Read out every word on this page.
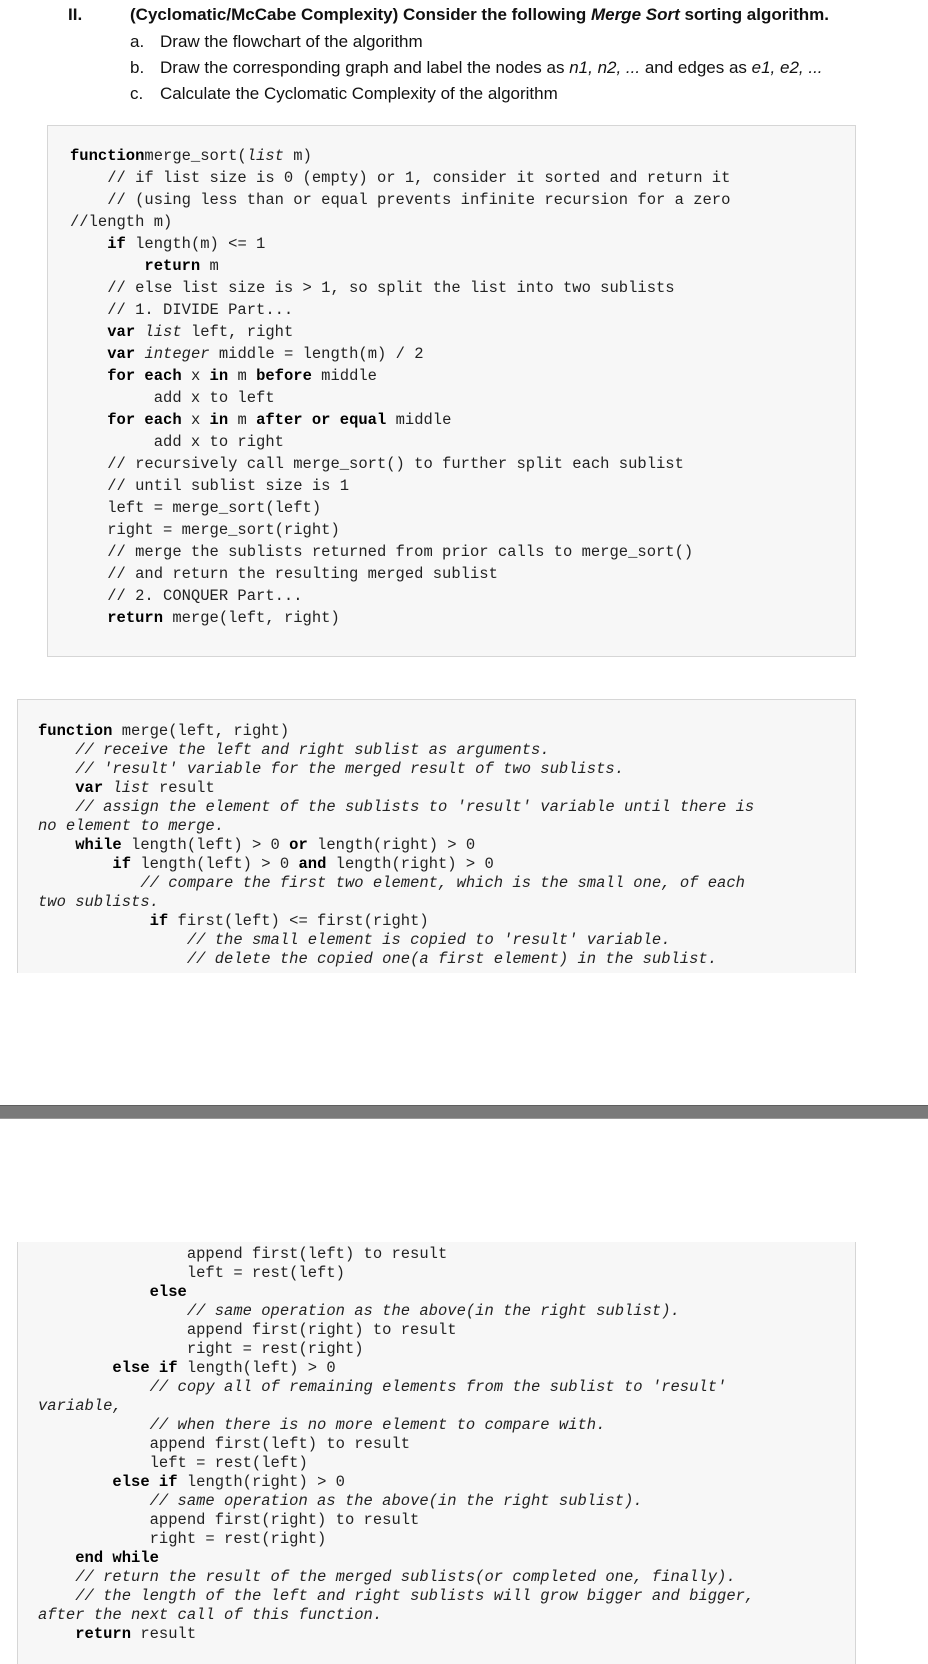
II.	(Cyclomatic/McCabe Complexity) Consider the following Merge Sort sorting algorithm.
a. Draw the flowchart of the algorithm
b. Draw the corresponding graph and label the nodes as n1, n2, ... and edges as e1, e2, ...
c. Calculate the Cyclomatic Complexity of the algorithm
functionmerge_sort(list m)
// if list size is 0 (empty) or 1, consider it sorted and return it
// (using less than or equal prevents infinite recursion for a zero
//length m)
if length(m) <= 1
return m
// else list size is > 1, so split the list into two sublists
// 1. DIVIDE Part...
var list left, right
var integer middle = length(m) / 2
for each x in m before middle
add x to left
for each x in m after or equal middle
add x to right
// recursively call merge_sort() to further split each sublist
// until sublist size is 1
left = merge_sort(left)
right = merge_sort(right)
// merge the sublists returned from prior calls to merge_sort()
// and return the resulting merged sublist
// 2. CONQUER Part...
return merge(left, right)
function merge(left, right)
// receive the left and right sublist as arguments.
// 'result' variable for the merged result of two sublists.
var list result
// assign the element of the sublists to 'result' variable until there is
no element to merge.
while length(left) > 0 or length(right) > 0
if length(left) > 0 and length(right) > 0
// compare the first two element, which is the small one, of each
two sublists.
if first(left) <= first(right)
// the small element is copied to 'result' variable.
// delete the copied one(a first element) in the sublist.
append first(left) to result
left = rest(left)
else
// same operation as the above(in the right sublist).
append first(right) to result
right = rest(right)
else if length(left) > 0
// copy all of remaining elements from the sublist to 'result'
variable,
// when there is no more element to compare with.
append first(left) to result
left = rest(left)
else if length(right) > 0
// same operation as the above(in the right sublist).
append first(right) to result
right = rest(right)
end while
// return the result of the merged sublists(or completed one, finally).
// the length of the left and right sublists will grow bigger and bigger,
after the next call of this function.
return result
